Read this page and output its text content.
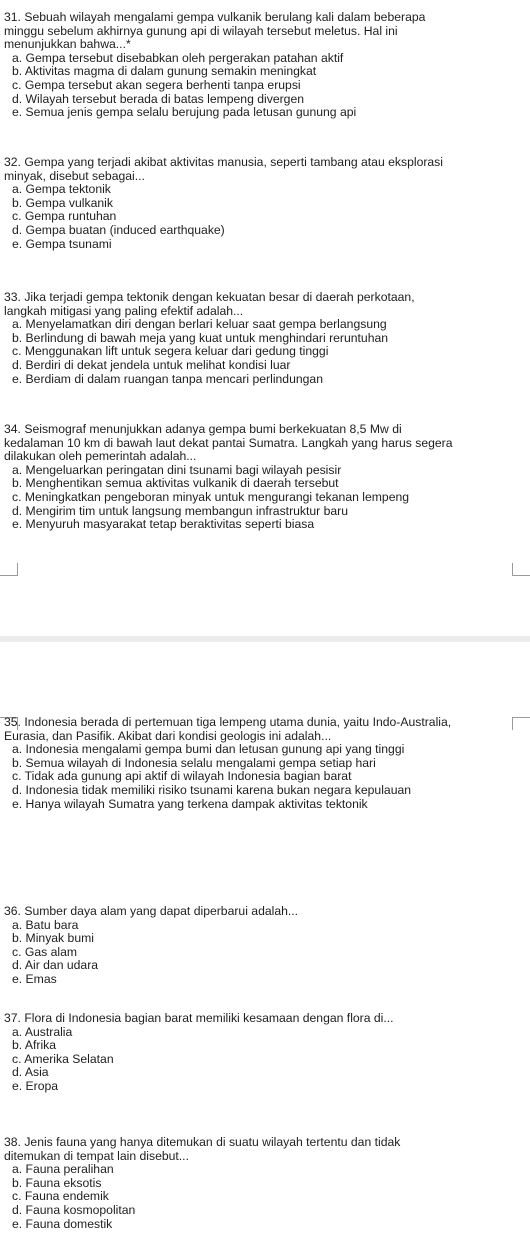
31. Sebuah wilayah mengalami gempa vulkanik berulang kali dalam beberapa
minggu sebelum akhirnya gunung api di wilayah tersebut meletus. Hal ini
menunjukkan bahwa...*
a. Gempa tersebut disebabkan oleh pergerakan patahan aktif
b. Aktivitas magma di dalam gunung semakin meningkat
c. Gempa tersebut akan segera berhenti tanpa erupsi
d. Wilayah tersebut berada di batas lempeng divergen
e. Semua jenis gempa selalu berujung pada letusan gunung api
32. Gempa yang terjadi akibat aktivitas manusia, seperti tambang atau eksplorasi
minyak, disebut sebagai...
a. Gempa tektonik
b. Gempa vulkanik
c. Gempa runtuhan
d. Gempa buatan (induced earthquake)
e. Gempa tsunami
33. Jika terjadi gempa tektonik dengan kekuatan besar di daerah perkotaan,
langkah mitigasi yang paling efektif adalah...
a. Menyelamatkan diri dengan berlari keluar saat gempa berlangsung
b. Berlindung di bawah meja yang kuat untuk menghindari reruntuhan
c. Menggunakan lift untuk segera keluar dari gedung tinggi
d. Berdiri di dekat jendela untuk melihat kondisi luar
e. Berdiam di dalam ruangan tanpa mencari perlindungan
34. Seismograf menunjukkan adanya gempa bumi berkekuatan 8,5 Mw di
kedalaman 10 km di bawah laut dekat pantai Sumatra. Langkah yang harus segera
dilakukan oleh pemerintah adalah...
a. Mengeluarkan peringatan dini tsunami bagi wilayah pesisir
b. Menghentikan semua aktivitas vulkanik di daerah tersebut
c. Meningkatkan pengeboran minyak untuk mengurangi tekanan lempeng
d. Mengirim tim untuk langsung membangun infrastruktur baru
e. Menyuruh masyarakat tetap beraktivitas seperti biasa
35. Indonesia berada di pertemuan tiga lempeng utama dunia, yaitu Indo-Australia,
Eurasia, dan Pasifik. Akibat dari kondisi geologis ini adalah...
a. Indonesia mengalami gempa bumi dan letusan gunung api yang tinggi
b. Semua wilayah di Indonesia selalu mengalami gempa setiap hari
c. Tidak ada gunung api aktif di wilayah Indonesia bagian barat
d. Indonesia tidak memiliki risiko tsunami karena bukan negara kepulauan
e. Hanya wilayah Sumatra yang terkena dampak aktivitas tektonik
36. Sumber daya alam yang dapat diperbarui adalah...
a. Batu bara
b. Minyak bumi
c. Gas alam
d. Air dan udara
e. Emas
37. Flora di Indonesia bagian barat memiliki kesamaan dengan flora di...
a. Australia
b. Afrika
c. Amerika Selatan
d. Asia
e. Eropa
38. Jenis fauna yang hanya ditemukan di suatu wilayah tertentu dan tidak
ditemukan di tempat lain disebut...
a. Fauna peralihan
b. Fauna eksotis
c. Fauna endemik
d. Fauna kosmopolitan
e. Fauna domestik
